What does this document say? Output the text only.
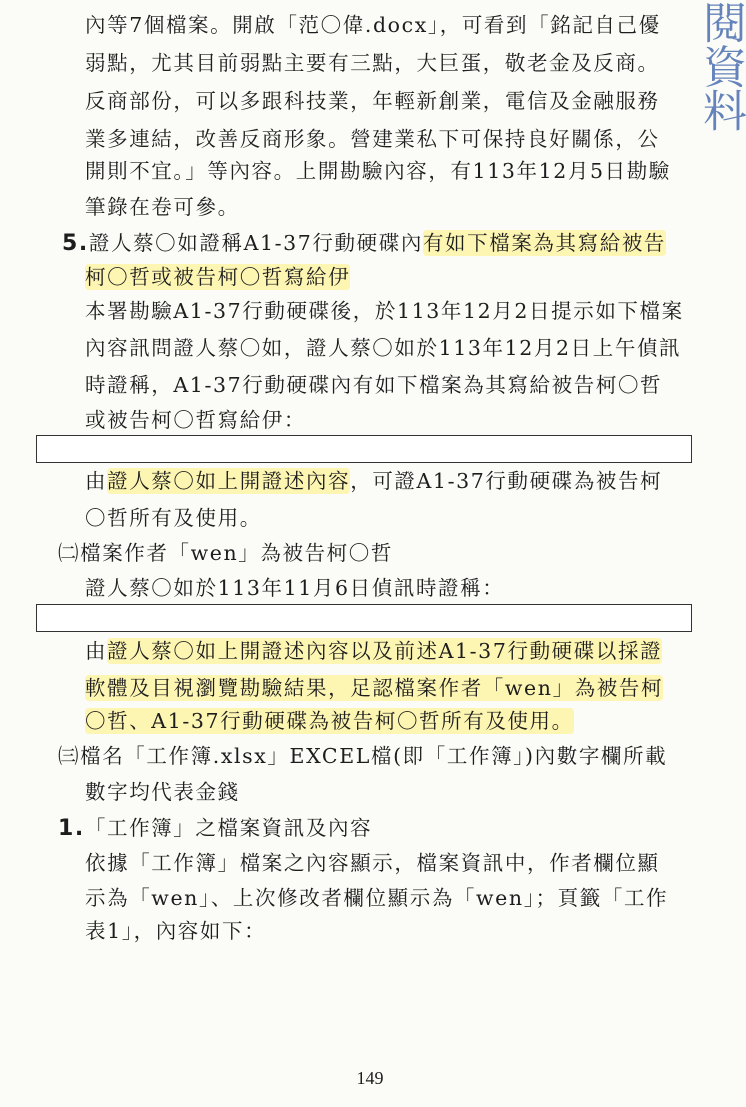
閱資料
內等7個檔案。開啟「范〇偉.docx」，可看到「銘記自己優
弱點，尤其目前弱點主要有三點，大巨蛋，敬老金及反商。
反商部份，可以多跟科技業，年輕新創業，電信及金融服務
業多連結，改善反商形象。營建業私下可保持良好關係，公
開則不宜。」等內容。上開勘驗內容，有113年12月5日勘驗
筆錄在卷可參。
5.證人蔡〇如證稱A1-37行動硬碟內有如下檔案為其寫給被告
柯〇哲或被告柯〇哲寫給伊
本署勘驗A1-37行動硬碟後，於113年12月2日提示如下檔案
內容訊問證人蔡〇如，證人蔡〇如於113年12月2日上午偵訊
時證稱，A1-37行動硬碟內有如下檔案為其寫給被告柯〇哲
或被告柯〇哲寫給伊：
由證人蔡〇如上開證述內容，可證A1-37行動硬碟為被告柯
〇哲所有及使用。
㈡檔案作者「wen」為被告柯〇哲
證人蔡〇如於113年11月6日偵訊時證稱：
由證人蔡〇如上開證述內容以及前述A1-37行動硬碟以採證
軟體及目視瀏覽勘驗結果，足認檔案作者「wen」為被告柯
〇哲、A1-37行動硬碟為被告柯〇哲所有及使用。
㈢檔名「工作簿.xlsx」EXCEL檔(即「工作簿」)內數字欄所載
數字均代表金錢
1.「工作簿」之檔案資訊及內容
依據「工作簿」檔案之內容顯示，檔案資訊中，作者欄位顯
示為「wen」、上次修改者欄位顯示為「wen」；頁籤「工作
表1」，內容如下：
149
